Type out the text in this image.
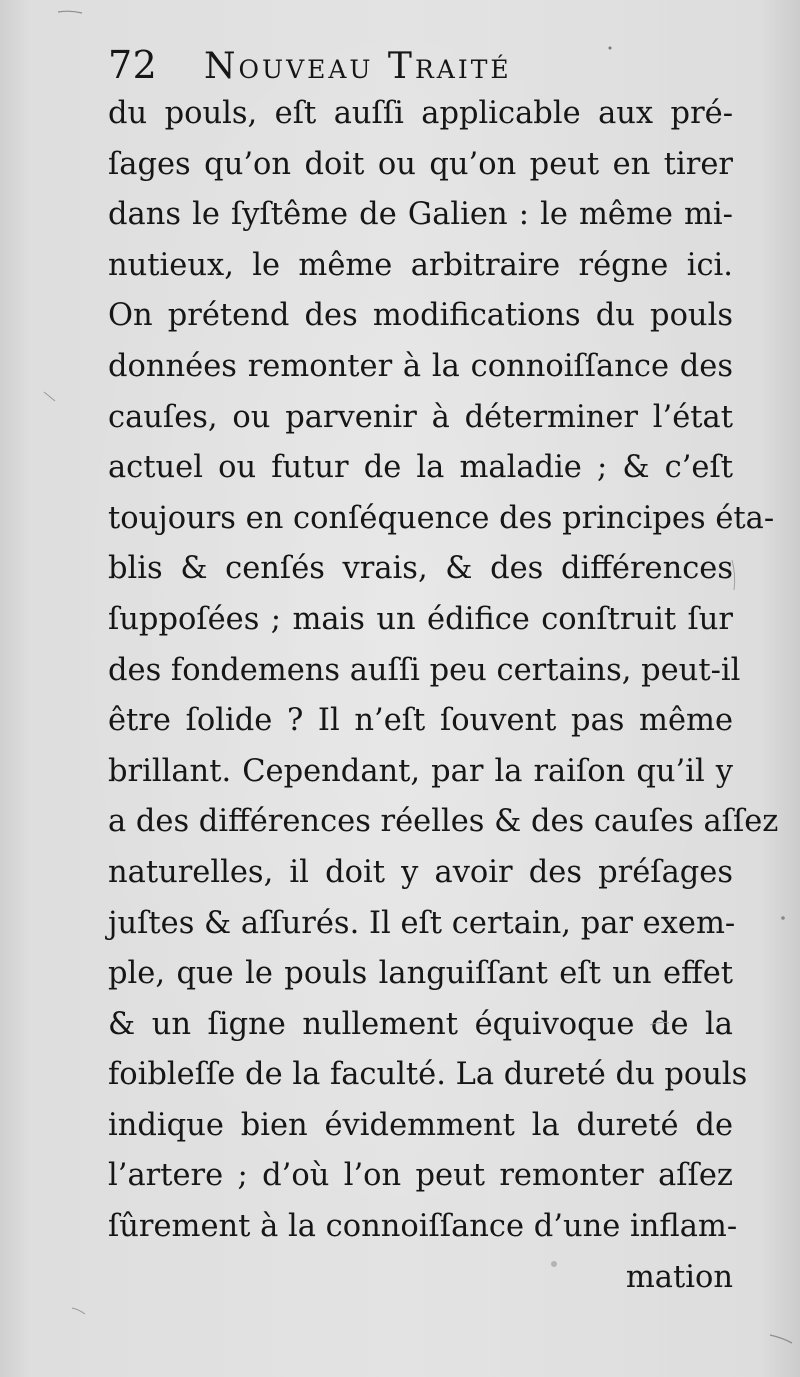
72	Nouveau Traité
du pouls, eſt auſſi applicable aux pré-
ſages qu’on doit ou qu’on peut en tirer
dans le ſyſtême de Galien : le même mi-
nutieux, le même arbitraire régne ici.
On prétend des modifications du pouls
données remonter à la connoiſſance des
cauſes, ou parvenir à déterminer l’état
actuel ou futur de la maladie ; & c’eſt
toujours en conſéquence des principes éta-
blis & cenſés vrais, & des différences
ſuppoſées ; mais un édifice conſtruit ſur
des fondemens auſſi peu certains, peut-il
être ſolide ? Il n’eſt ſouvent pas même
brillant. Cependant, par la raiſon qu’il y
a des différences réelles & des cauſes aſſez
naturelles, il doit y avoir des préſages
juſtes & aſſurés. Il eſt certain, par exem-
ple, que le pouls languiſſant eſt un effet
& un ſigne nullement équivoque de la
foibleſſe de la faculté. La dureté du pouls
indique bien évidemment la dureté de
l’artere ; d’où l’on peut remonter aſſez
ſûrement à la connoiſſance d’une inflam-
mation
